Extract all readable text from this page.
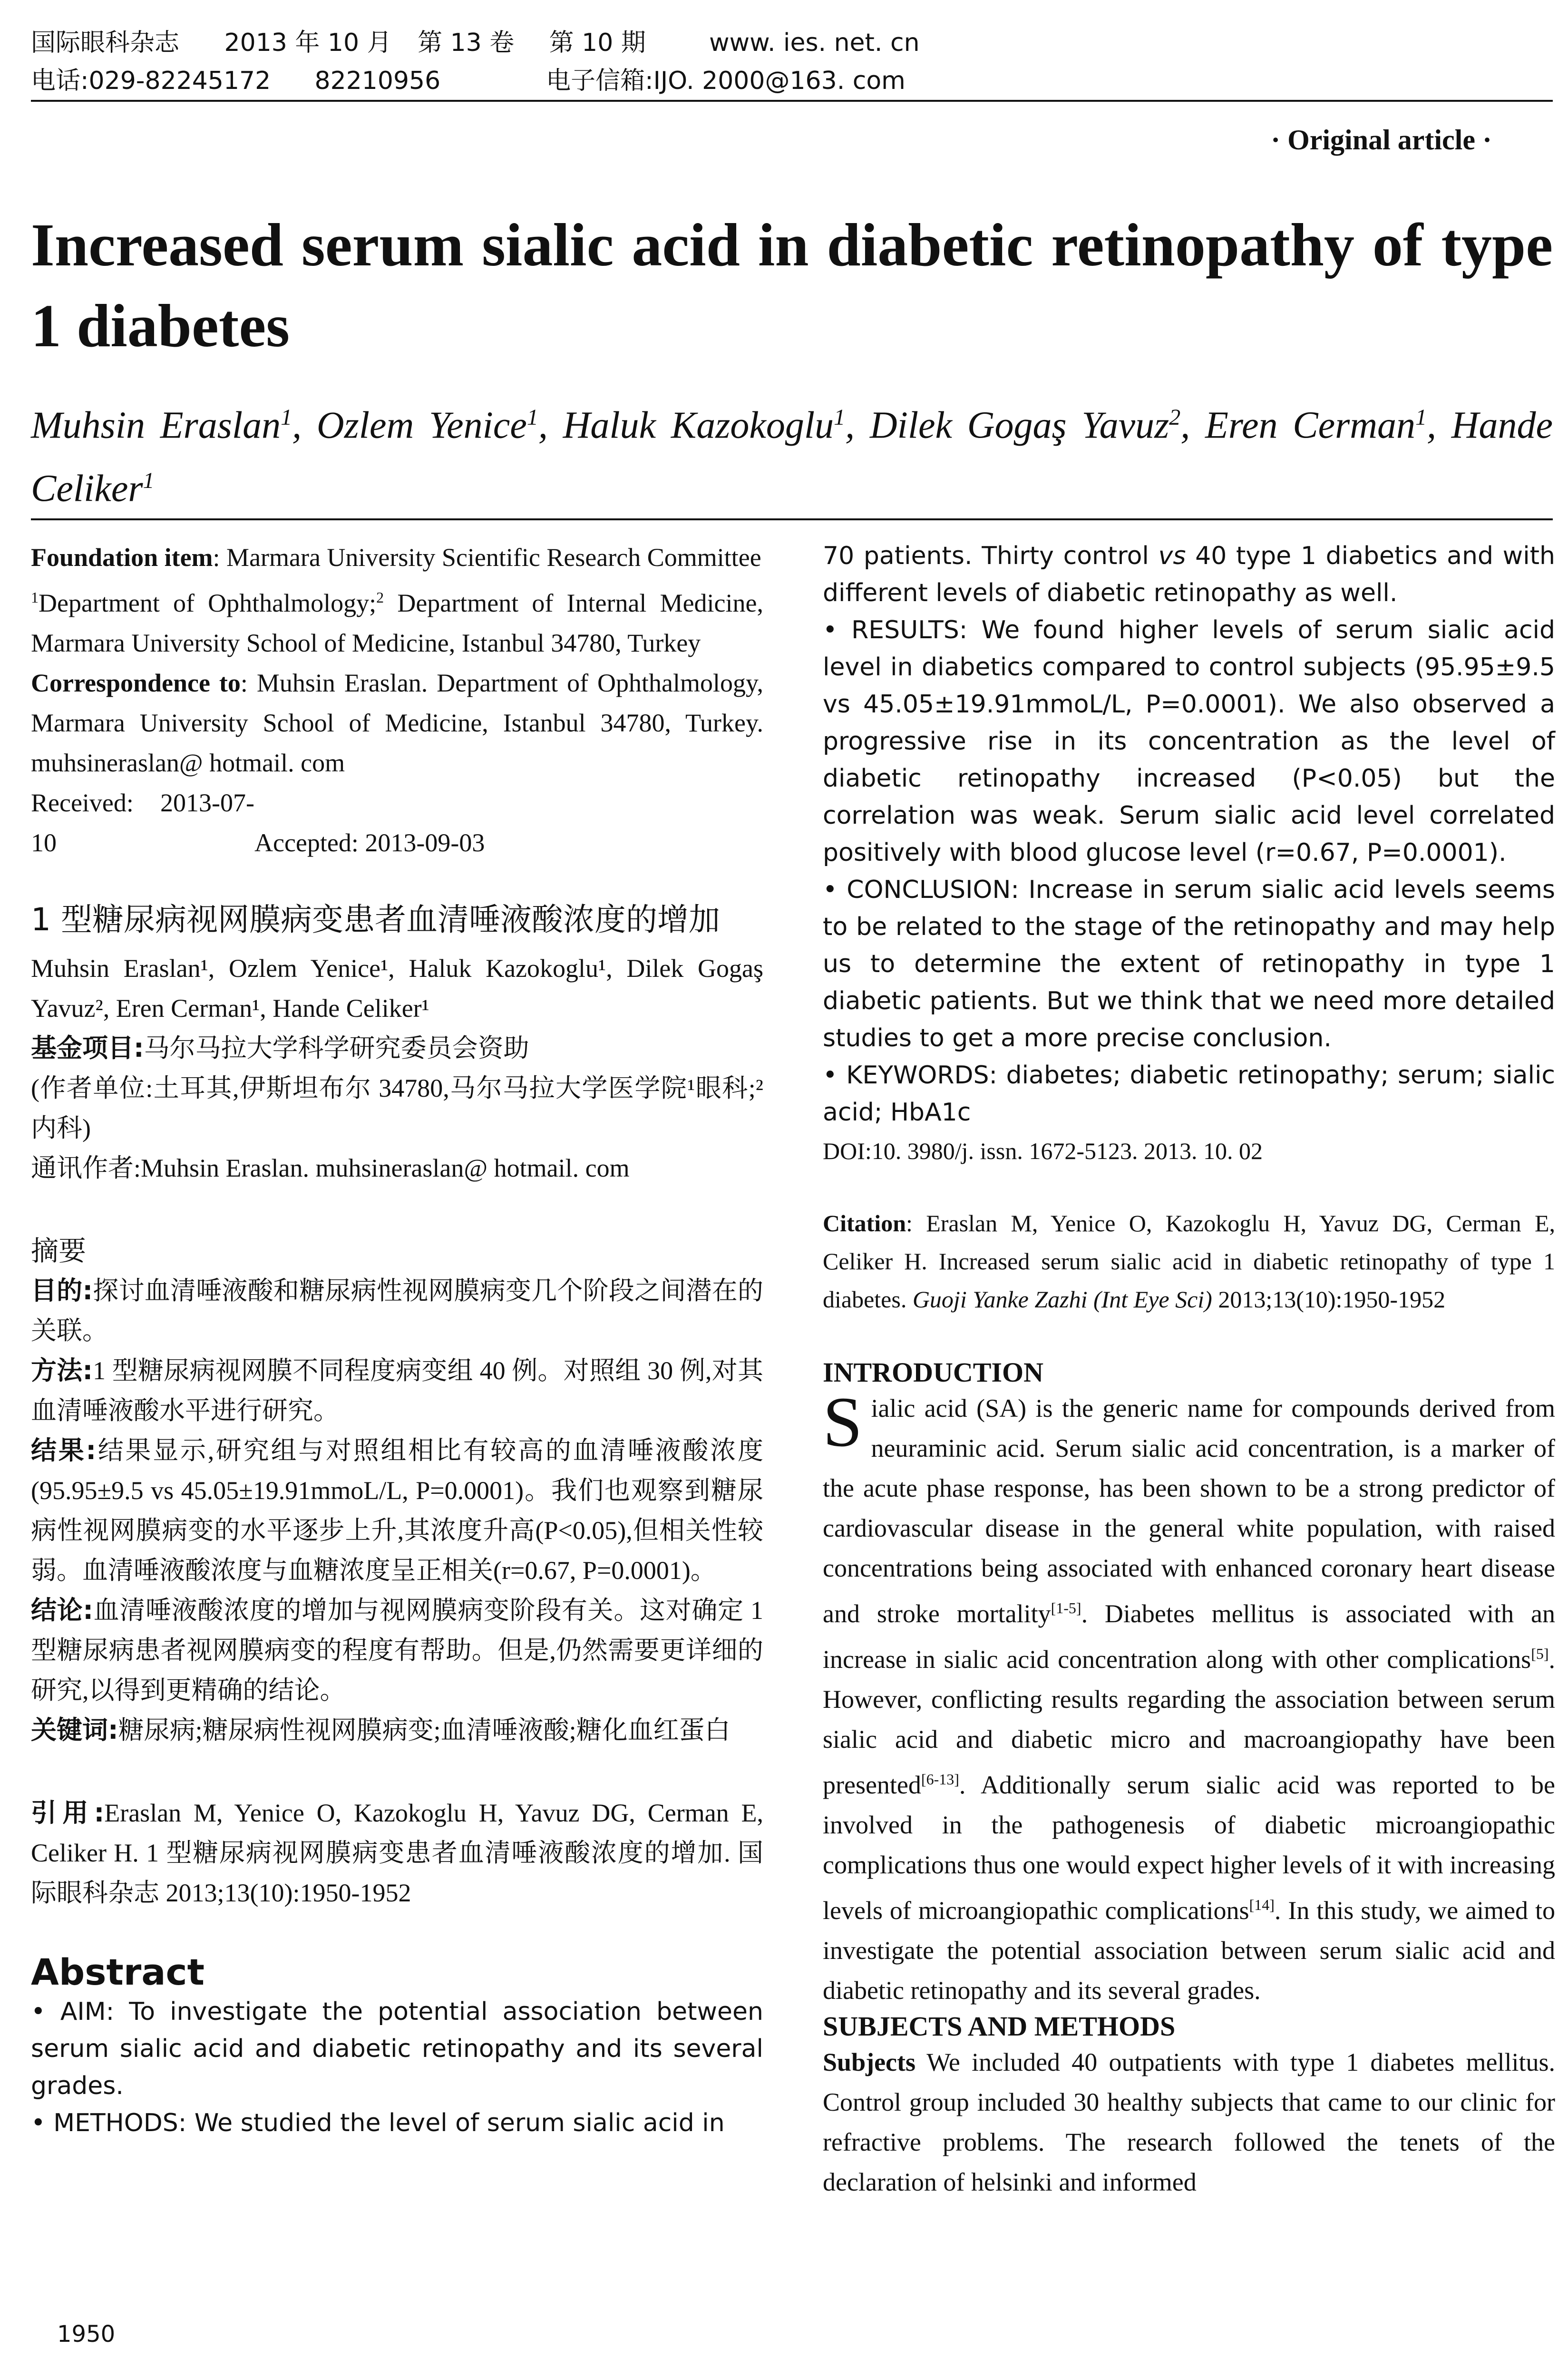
国际眼科杂志 2013 年 10 月 第 13 卷 第 10 期	www. ies. net. cn
电话:029-82245172 82210956	电子信箱:IJO. 2000@163. com
· Original article ·
Increased serum sialic acid in diabetic retinopathy of type 1 diabetes
Muhsin Eraslan$^1$, Ozlem Yenice$^1$, Haluk Kazokoglu$^1$, Dilek Gogaş Yavuz$^2$, Eren Cerman$^1$, Hande Celiker$^1$

Foundation item: Marmara University Scientific Research Committee

$^1$Department of Ophthalmology;$^2$ Department of Internal Medicine, Marmara University School of Medicine, Istanbul 34780, Turkey

Correspondence to: Muhsin Eraslan. Department of Ophthalmology, Marmara University School of Medicine, Istanbul 34780, Turkey. muhsineraslan@ hotmail. com

Received: 2013-07-10	Accepted: 2013-09-03

1 型糖尿病视网膜病变患者血清唾液酸浓度的增加

Muhsin Eraslan¹, Ozlem Yenice¹, Haluk Kazokoglu¹, Dilek Gogaş Yavuz², Eren Cerman¹, Hande Celiker¹

基金项目:马尔马拉大学科学研究委员会资助

(作者单位:土耳其,伊斯坦布尔 34780,马尔马拉大学医学院¹眼科;²内科)

通讯作者:Muhsin Eraslan. muhsineraslan@ hotmail. com

摘要

目的:探讨血清唾液酸和糖尿病性视网膜病变几个阶段之间潜在的关联。

方法:1 型糖尿病视网膜不同程度病变组 40 例。对照组 30 例,对其血清唾液酸水平进行研究。

结果:结果显示,研究组与对照组相比有较高的血清唾液酸浓度(95.95±9.5 vs 45.05±19.91mmoL/L, P=0.0001)。我们也观察到糖尿病性视网膜病变的水平逐步上升,其浓度升高(P<0.05),但相关性较弱。血清唾液酸浓度与血糖浓度呈正相关(r=0.67, P=0.0001)。

结论:血清唾液酸浓度的增加与视网膜病变阶段有关。这对确定 1 型糖尿病患者视网膜病变的程度有帮助。但是,仍然需要更详细的研究,以得到更精确的结论。

关键词:糖尿病;糖尿病性视网膜病变;血清唾液酸;糖化血红蛋白

引用:Eraslan M, Yenice O, Kazokoglu H, Yavuz DG, Cerman E, Celiker H. 1 型糖尿病视网膜病变患者血清唾液酸浓度的增加. 国际眼科杂志 2013;13(10):1950-1952

Abstract

• AIM: To investigate the potential association between serum sialic acid and diabetic retinopathy and its several grades.

• METHODS: We studied the level of serum sialic acid in

70 patients. Thirty control vs 40 type 1 diabetics and with different levels of diabetic retinopathy as well.

• RESULTS: We found higher levels of serum sialic acid level in diabetics compared to control subjects (95.95±9.5 vs 45.05±19.91mmoL/L, P=0.0001). We also observed a progressive rise in its concentration as the level of diabetic retinopathy increased (P<0.05) but the correlation was weak. Serum sialic acid level correlated positively with blood glucose level (r=0.67, P=0.0001).

• CONCLUSION: Increase in serum sialic acid levels seems to be related to the stage of the retinopathy and may help us to determine the extent of retinopathy in type 1 diabetic patients. But we think that we need more detailed studies to get a more precise conclusion.

• KEYWORDS: diabetes; diabetic retinopathy; serum; sialic acid; HbA1c

DOI:10. 3980/j. issn. 1672-5123. 2013. 10. 02

Citation: Eraslan M, Yenice O, Kazokoglu H, Yavuz DG, Cerman E, Celiker H. Increased serum sialic acid in diabetic retinopathy of type 1 diabetes. Guoji Yanke Zazhi (Int Eye Sci) 2013;13(10):1950-1952

INTRODUCTION

Sialic acid (SA) is the generic name for compounds derived from neuraminic acid. Serum sialic acid concentration, is a marker of the acute phase response, has been shown to be a strong predictor of cardiovascular disease in the general white population, with raised concentrations being associated with enhanced coronary heart disease and stroke mortality[1-5]. Diabetes mellitus is associated with an increase in sialic acid concentration along with other complications[5]. However, conflicting results regarding the association between serum sialic acid and diabetic micro and macroangiopathy have been presented[6-13]. Additionally serum sialic acid was reported to be involved in the pathogenesis of diabetic microangiopathic complications thus one would expect higher levels of it with increasing levels of microangiopathic complications[14]. In this study, we aimed to investigate the potential association between serum sialic acid and diabetic retinopathy and its several grades.

SUBJECTS AND METHODS

Subjects We included 40 outpatients with type 1 diabetes mellitus. Control group included 30 healthy subjects that came to our clinic for refractive problems. The research followed the tenets of the declaration of helsinki and informed

1950
